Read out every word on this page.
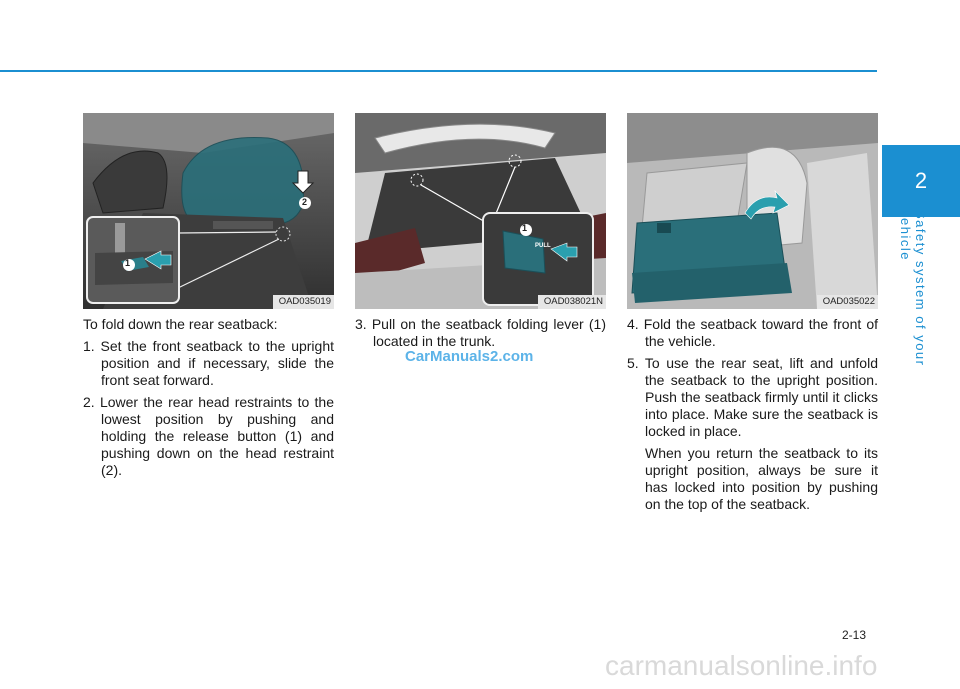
2
Safety system of your vehicle
1
2
OAD035019

To fold down the rear seatback:

1. Set the front seatback to the upright position and if necessary, slide the front seat forward.

2. Lower the rear head restraints to the lowest position by pushing and holding the release button (1) and pushing down on the head restraint (2).

1
PULL
OAD038021N

3. Pull on the seatback folding lever (1) located in the trunk.

OAD035022

4. Fold the seatback toward the front of the vehicle.

5. To use the rear seat, lift and unfold the seatback to the upright position. Push the seatback firmly until it clicks into place. Make sure the seatback is locked in place.

When you return the seatback to its upright position, always be sure it has locked into position by pushing on the top of the seatback.

CarManuals2.com
2-13
carmanualsonline.info
